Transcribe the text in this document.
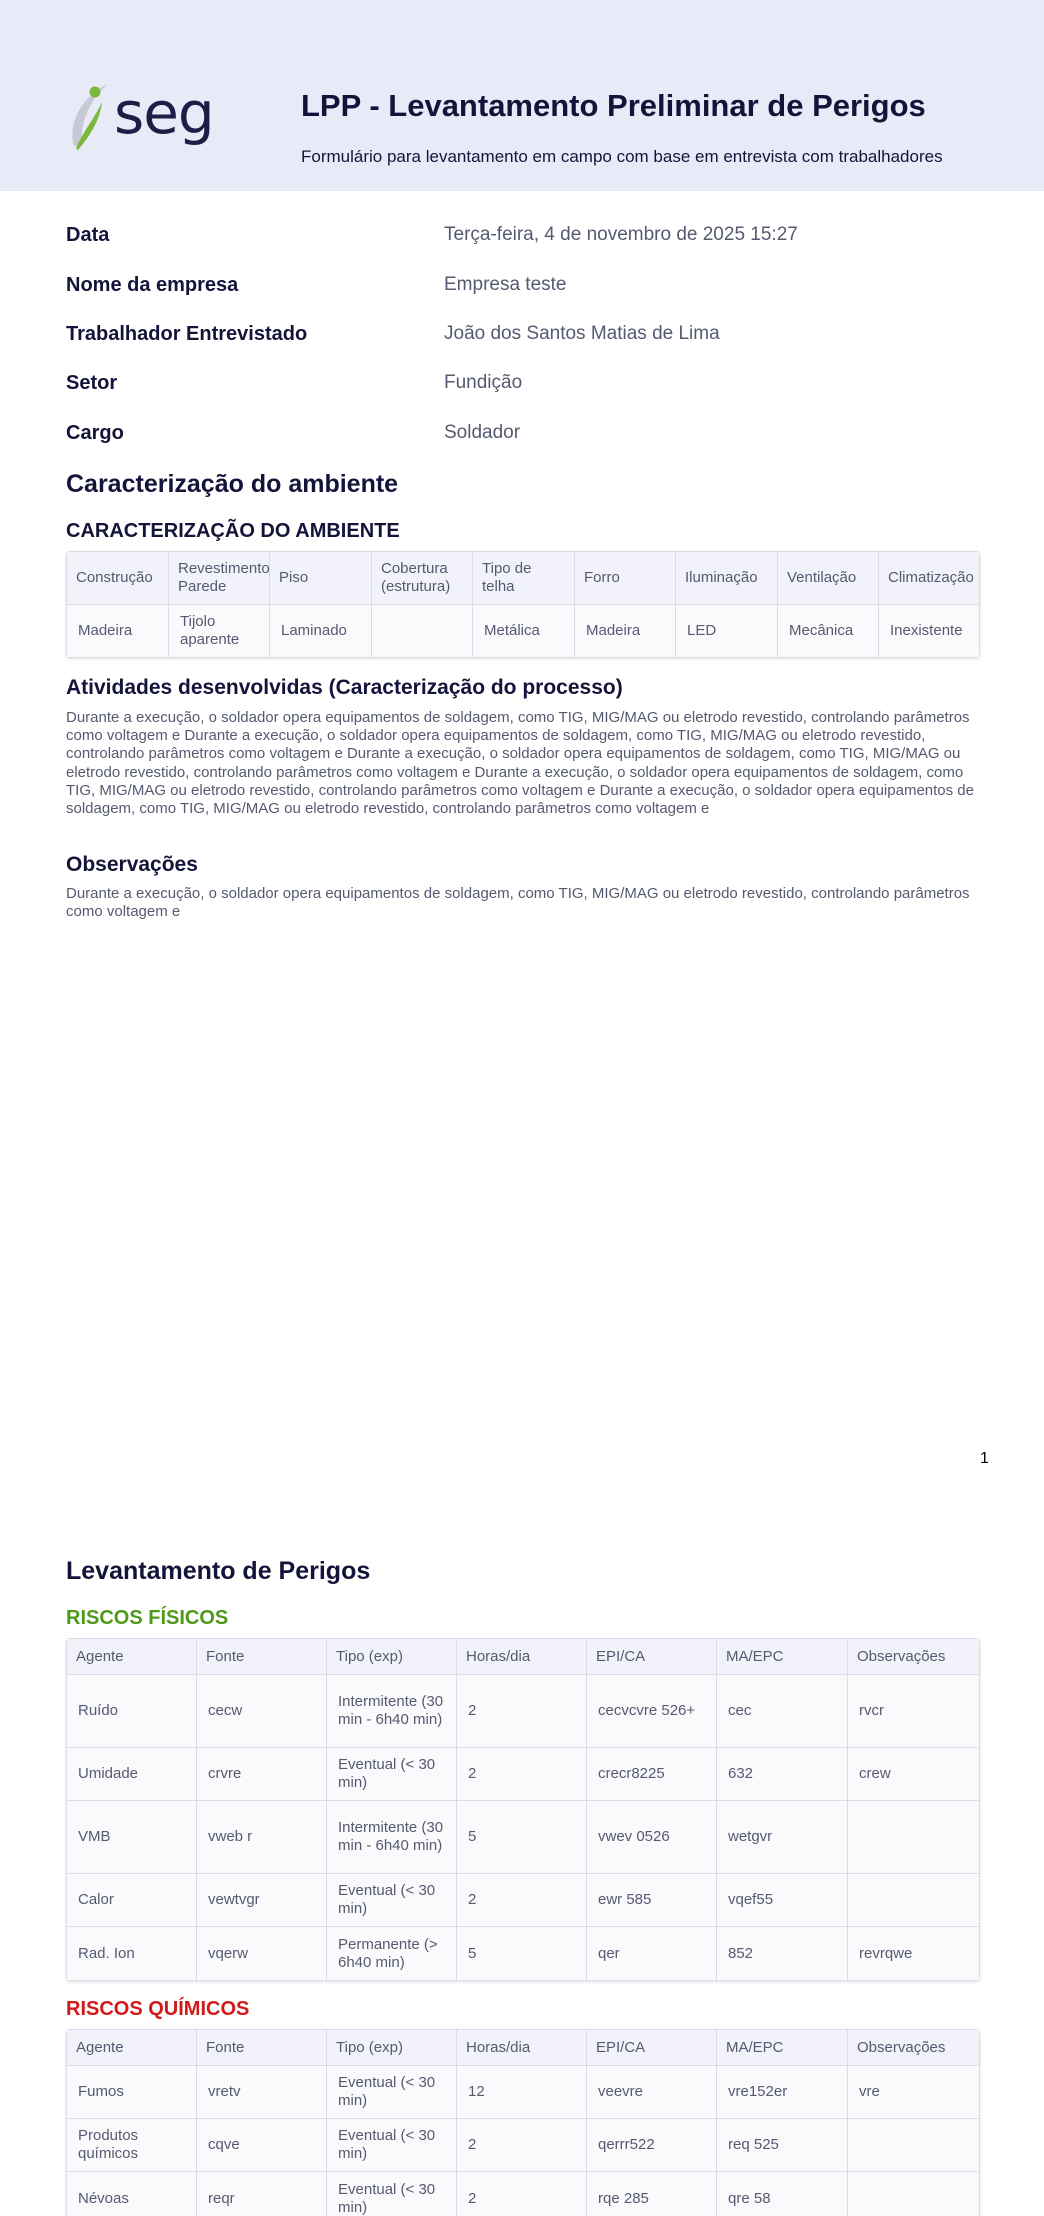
seg	LPP - Levantamento Preliminar de Perigos
Formulário para levantamento em campo com base em entrevista com trabalhadores
Data	Terça-feira, 4 de novembro de 2025 15:27
Nome da empresa	Empresa teste
Trabalhador Entrevistado	João dos Santos Matias de Lima
Setor	Fundição
Cargo	Soldador
Caracterização do ambiente
CARACTERIZAÇÃO DO AMBIENTE
Construção	Revestimento Parede	Piso	Cobertura (estrutura)	Tipo de telha	Forro	Iluminação	Ventilação	Climatização
Madeira	Tijolo aparente	Laminado		Metálica	Madeira	LED	Mecânica	Inexistente
Atividades desenvolvidas (Caracterização do processo)
Durante a execução, o soldador opera equipamentos de soldagem, como TIG, MIG/MAG ou eletrodo revestido, controlando parâmetros como voltagem e Durante a execução, o soldador opera equipamentos de soldagem, como TIG, MIG/MAG ou eletrodo revestido, controlando parâmetros como voltagem e Durante a execução, o soldador opera equipamentos de soldagem, como TIG, MIG/MAG ou eletrodo revestido, controlando parâmetros como voltagem e Durante a execução, o soldador opera equipamentos de soldagem, como TIG, MIG/MAG ou eletrodo revestido, controlando parâmetros como voltagem e Durante a execução, o soldador opera equipamentos de soldagem, como TIG, MIG/MAG ou eletrodo revestido, controlando parâmetros como voltagem e
Observações
Durante a execução, o soldador opera equipamentos de soldagem, como TIG, MIG/MAG ou eletrodo revestido, controlando parâmetros como voltagem e
1
Levantamento de Perigos
RISCOS FÍSICOS
Agente	Fonte	Tipo (exp)	Horas/dia	EPI/CA	MA/EPC	Observações
Ruído	cecw	Intermitente (30 min - 6h40 min)	2	cecvcvre 526+	cec	rvcr
Umidade	crvre	Eventual (< 30 min)	2	crecr8225	632	crew
VMB	vweb r	Intermitente (30 min - 6h40 min)	5	vwev 0526	wetgvr	
Calor	vewtvgr	Eventual (< 30 min)	2	ewr 585	vqef55	
Rad. Ion	vqerw	Permanente (> 6h40 min)	5	qer	852	revrqwe
RISCOS QUÍMICOS
Agente	Fonte	Tipo (exp)	Horas/dia	EPI/CA	MA/EPC	Observações
Fumos	vretv	Eventual (< 30 min)	12	veevre	vre152er	vre
Produtos químicos	cqve	Eventual (< 30 min)	2	qerrr522	req 525	
Névoas	reqr	Eventual (< 30 min)	2	rqe 285	qre 58	
